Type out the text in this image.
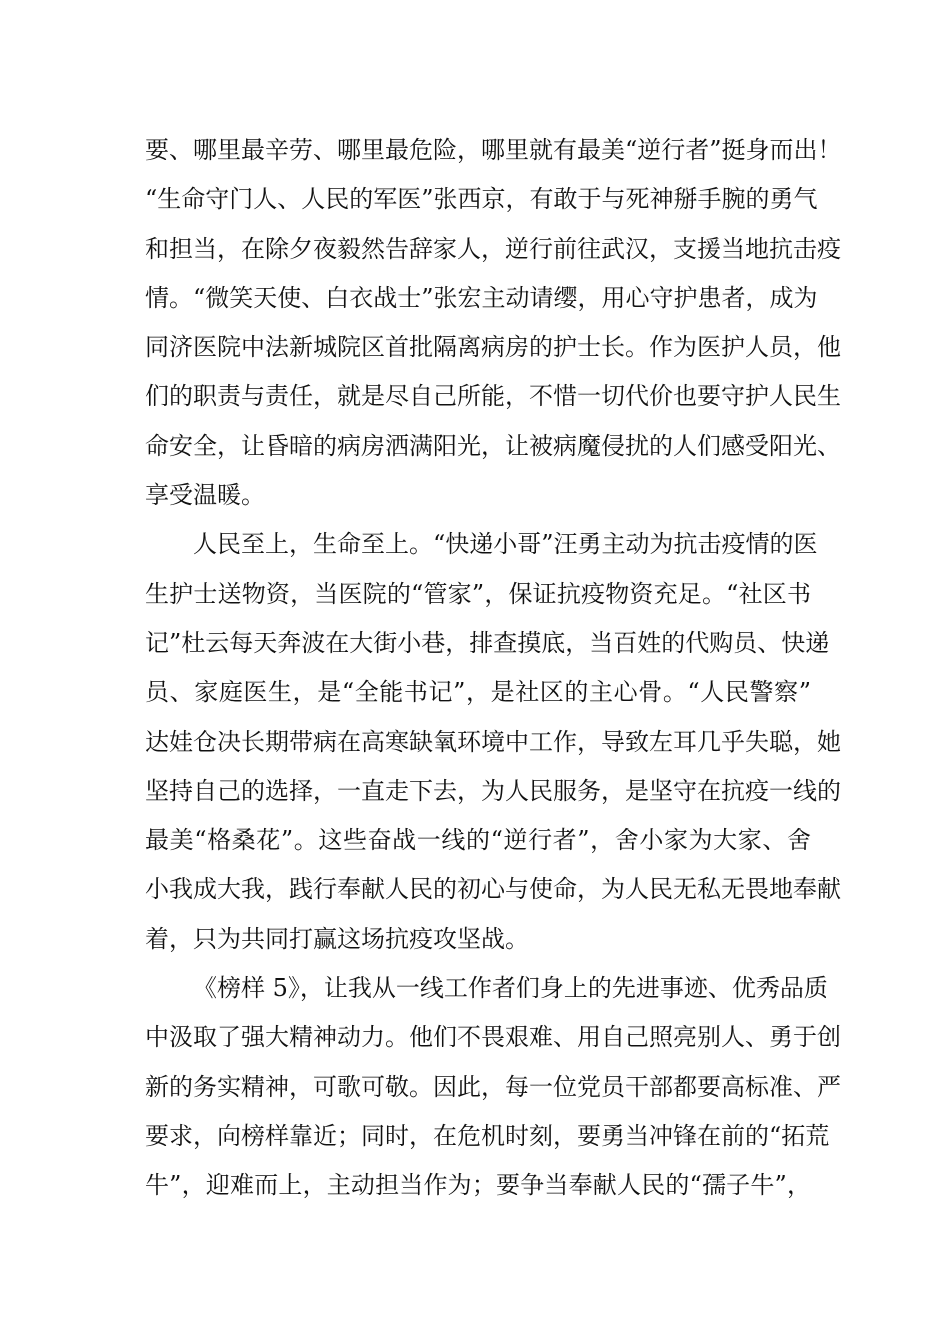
要、哪里最辛劳、哪里最危险，哪里就有最美“逆行者”挺身而出！
“生命守门人、人民的军医”张西京，有敢于与死神掰手腕的勇气
和担当，在除夕夜毅然告辞家人，逆行前往武汉，支援当地抗击疫
情。“微笑天使、白衣战士”张宏主动请缨，用心守护患者，成为
同济医院中法新城院区首批隔离病房的护士长。作为医护人员，他
们的职责与责任，就是尽自己所能，不惜一切代价也要守护人民生
命安全，让昏暗的病房洒满阳光，让被病魔侵扰的人们感受阳光、
享受温暖。
人民至上，生命至上。“快递小哥”汪勇主动为抗击疫情的医
生护士送物资，当医院的“管家”，保证抗疫物资充足。“社区书
记”杜云每天奔波在大街小巷，排查摸底，当百姓的代购员、快递
员、家庭医生，是“全能书记”，是社区的主心骨。“人民警察”
达娃仓决长期带病在高寒缺氧环境中工作，导致左耳几乎失聪，她
坚持自己的选择，一直走下去，为人民服务，是坚守在抗疫一线的
最美“格桑花”。这些奋战一线的“逆行者”，舍小家为大家、舍
小我成大我，践行奉献人民的初心与使命，为人民无私无畏地奉献
着，只为共同打赢这场抗疫攻坚战。
《榜样 5》，让我从一线工作者们身上的先进事迹、优秀品质
中汲取了强大精神动力。他们不畏艰难、用自己照亮别人、勇于创
新的务实精神，可歌可敬。因此，每一位党员干部都要高标准、严
要求，向榜样靠近；同时，在危机时刻，要勇当冲锋在前的“拓荒
牛”，迎难而上，主动担当作为；要争当奉献人民的“孺子牛”，
